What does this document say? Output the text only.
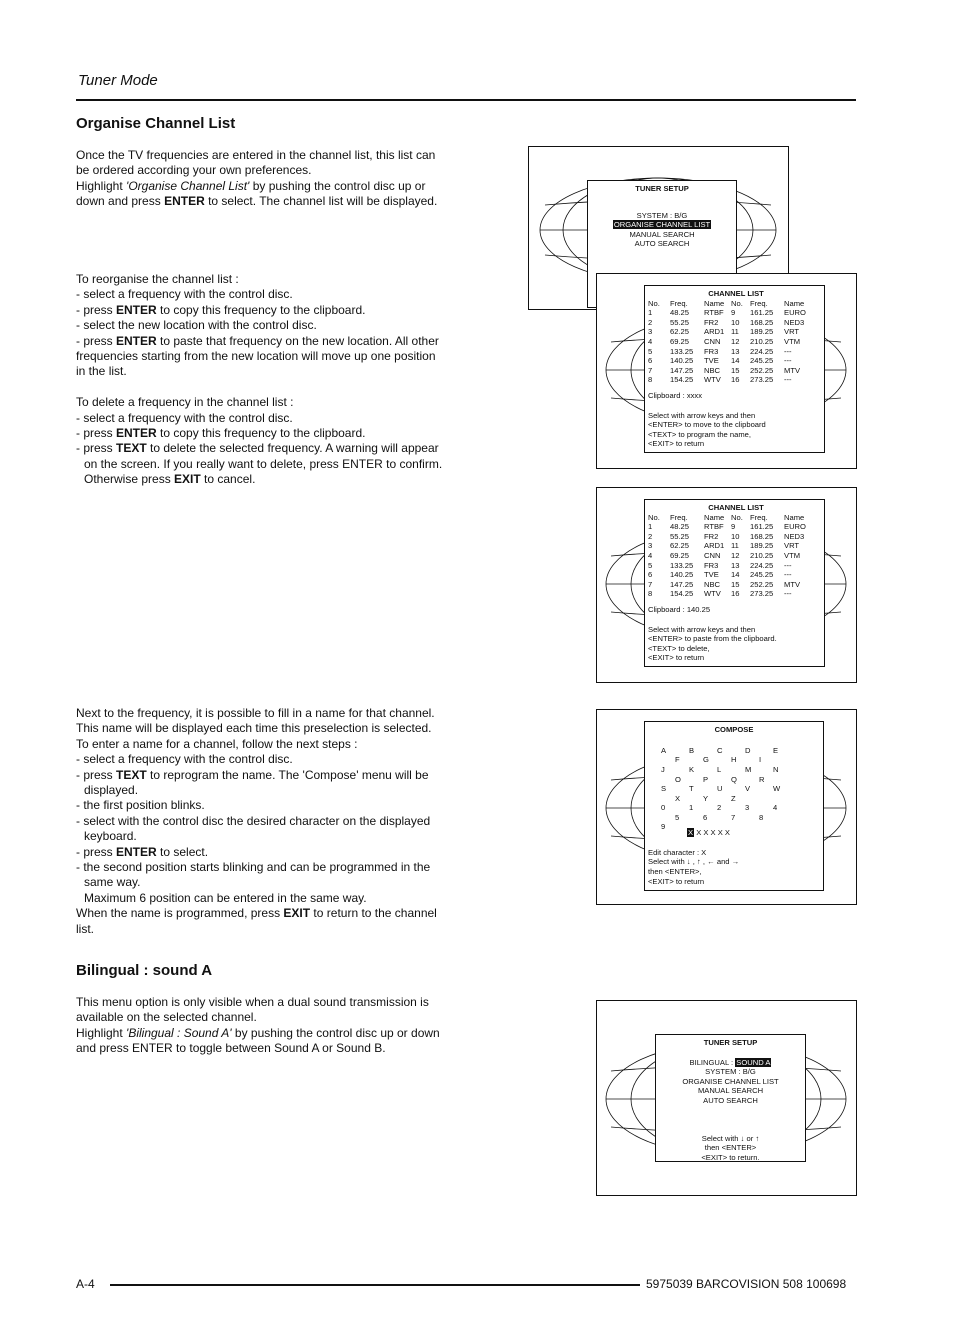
Tuner Mode
Organise Channel List

Once the TV frequencies are entered in the channel list, this list can

be ordered according your own preferences.

Highlight 'Organise Channel List' by pushing the control disc up or

down and press ENTER to select. The channel list will be displayed.

To reorganise the channel list :

- select a frequency with the control disc.

- press ENTER to copy this frequency to the clipboard.

- select the new location with the control disc.

- press ENTER to paste that frequency on the new location. All other

frequencies starting from the new location will move up one position

in the list.

To delete a frequency in the channel list :

- select a frequency with the control disc.

- press ENTER to copy this frequency to the clipboard.

- press TEXT to delete the selected frequency. A warning will appear

on the screen. If you really want to delete, press ENTER to confirm.

Otherwise press EXIT to cancel.

Next to the frequency, it is possible to fill in a name for that channel.

This name will be displayed each time this preselection is selected.

To enter a name for a channel, follow the next steps :

- select a frequency with the control disc.

- press TEXT to reprogram the name. The 'Compose' menu will be

displayed.

- the first position blinks.

- select with the control disc the desired character on the displayed

keyboard.

- press ENTER to select.

- the second position starts blinking and can be programmed in the

same way.

Maximum 6 position can be entered in the same way.

When the name is programmed, press EXIT to return to the channel

list.

Bilingual : sound A

This menu option is only visible when a dual sound transmission is

available on the selected channel.

Highlight 'Bilingual : Sound A' by pushing the control disc up or down

and press ENTER to toggle between Sound A or Sound B.

TUNER SETUP
SYSTEM : B/G
ORGANISE CHANNEL LIST
MANUAL SEARCH
AUTO SEARCH
CHANNEL LIST
No.	Freq.	Name No. Freq.	Name
1	48.25	RTBF 9	161.25	EURO
2	55.25	FR2	10	168.25	NED3
3	62.25	ARD1 11	189.25	VRT
4	69.25	CNN	12	210.25	VTM
5	133.25	FR3	13	224.25	---
6	140.25	TVE	14	245.25	---
7	147.25	NBC	15	252.25	MTV
8	154.25	WTV	16	273.25	---
Clipboard : xxxx
Select with arrow keys and then
<ENTER> to move to the clipboard
<TEXT> to program the name,
<EXIT> to return
CHANNEL LIST
No.	Freq.	Name No. Freq.	Name
1	48.25	RTBF 9	161.25	EURO
2	55.25	FR2	10	168.25	NED3
3	62.25	ARD1 11	189.25	VRT
4	69.25	CNN	12	210.25	VTM
5	133.25	FR3	13	224.25	---
6	140.25	TVE	14	245.25	---
7	147.25	NBC	15	252.25	MTV
8	154.25	WTV	16	273.25	---
Clipboard : 140.25
Select with arrow keys and then
<ENTER> to paste from the clipboard.
<TEXT> to delete,
<EXIT> to return
COMPOSE
A	B	C	D	E
F	G	H	I
J	K	L	M	N
O	P	Q	R
S	T	U	V	W
X	Y	Z
0	1	2	3	4
5	6	7	8
9
X X X X X X
Edit character : X
Select with ↓ , ↑ , ← and →
then <ENTER>,
<EXIT> to return
TUNER SETUP
BILINGUAL : SOUND A
SYSTEM : B/G
ORGANISE CHANNEL LIST
MANUAL SEARCH
AUTO SEARCH
Select with ↓ or ↑
then <ENTER>
<EXIT> to return.
A-4	5975039 BARCOVISION 508 100698
